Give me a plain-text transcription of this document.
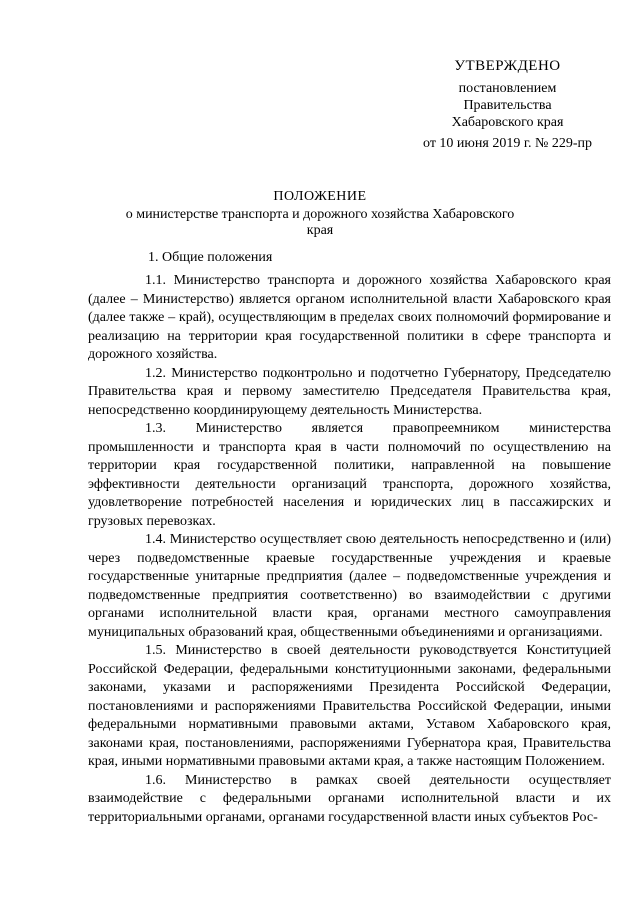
УТВЕРЖДЕНО
постановлением
Правительства
Хабаровского края
от 10 июня 2019 г. № 229-пр
ПОЛОЖЕНИЕ
о министерстве транспорта и дорожного хозяйства Хабаровского края
1. Общие положения

1.1. Министерство транспорта и дорожного хозяйства Хабаровского края (далее – Министерство) является органом исполнительной власти Хабаровского края (далее также – край), осуществляющим в пределах своих полномочий формирование и реализацию на территории края государственной политики в сфере транспорта и дорожного хозяйства.

1.2. Министерство подконтрольно и подотчетно Губернатору, Председателю Правительства края и первому заместителю Председателя Правительства края, непосредственно координирующему деятельность Министерства.

1.3. Министерство является правопреемником министерства промышленности и транспорта края в части полномочий по осуществлению на территории края государственной политики, направленной на повышение эффективности деятельности организаций транспорта, дорожного хозяйства, удовлетворение потребностей населения и юридических лиц в пассажирских и грузовых перевозках.

1.4. Министерство осуществляет свою деятельность непосредственно и (или) через подведомственные краевые государственные учреждения и краевые государственные унитарные предприятия (далее – подведомственные учреждения и подведомственные предприятия соответственно) во взаимодействии с другими органами исполнительной власти края, органами местного самоуправления муниципальных образований края, общественными объединениями и организациями.

1.5. Министерство в своей деятельности руководствуется Конституцией Российской Федерации, федеральными конституционными законами, федеральными законами, указами и распоряжениями Президента Российской Федерации, постановлениями и распоряжениями Правительства Российской Федерации, иными федеральными нормативными правовыми актами, Уставом Хабаровского края, законами края, постановлениями, распоряжениями Губернатора края, Правительства края, иными нормативными правовыми актами края, а также настоящим Положением.

1.6. Министерство в рамках своей деятельности осуществляет взаимодействие с федеральными органами исполнительной власти и их территориальными органами, органами государственной власти иных субъектов Рос-
